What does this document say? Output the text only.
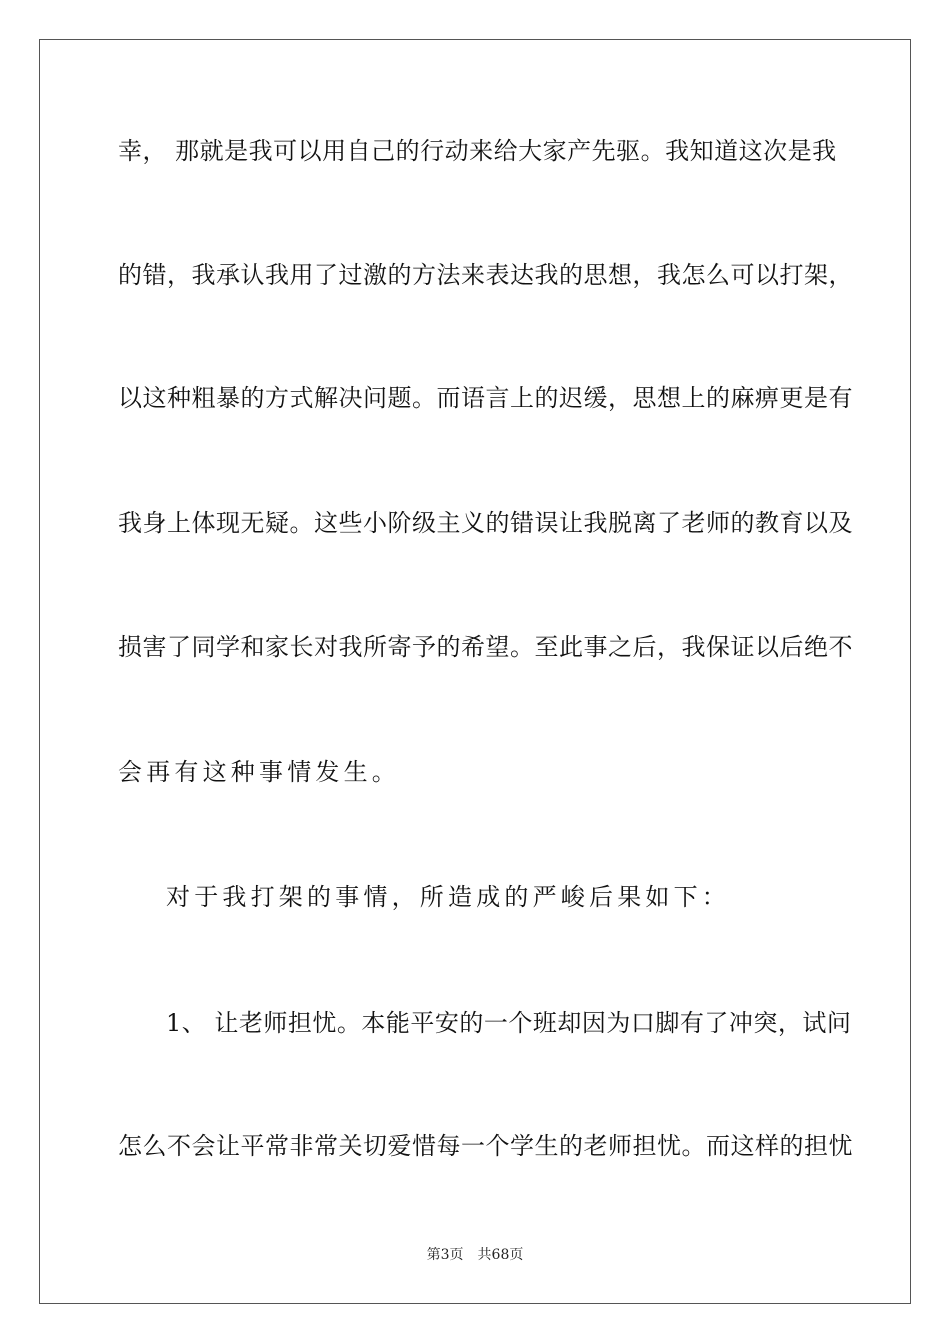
幸， 那就是我可以用自己的行动来给大家产先驱。我知道这次是我
的错，我承认我用了过激的方法来表达我的思想，我怎么可以打架，
以这种粗暴的方式解决问题。而语言上的迟缓，思想上的麻痹更是有
我身上体现无疑。这些小阶级主义的错误让我脱离了老师的教育以及
损害了同学和家长对我所寄予的希望。至此事之后，我保证以后绝不
会再有这种事情发生。
对于我打架的事情，所造成的严峻后果如下：
1、 让老师担忧。本能平安的一个班却因为口脚有了冲突，试问
怎么不会让平常非常关切爱惜每一个学生的老师担忧。而这样的担忧
第3页 共68页
